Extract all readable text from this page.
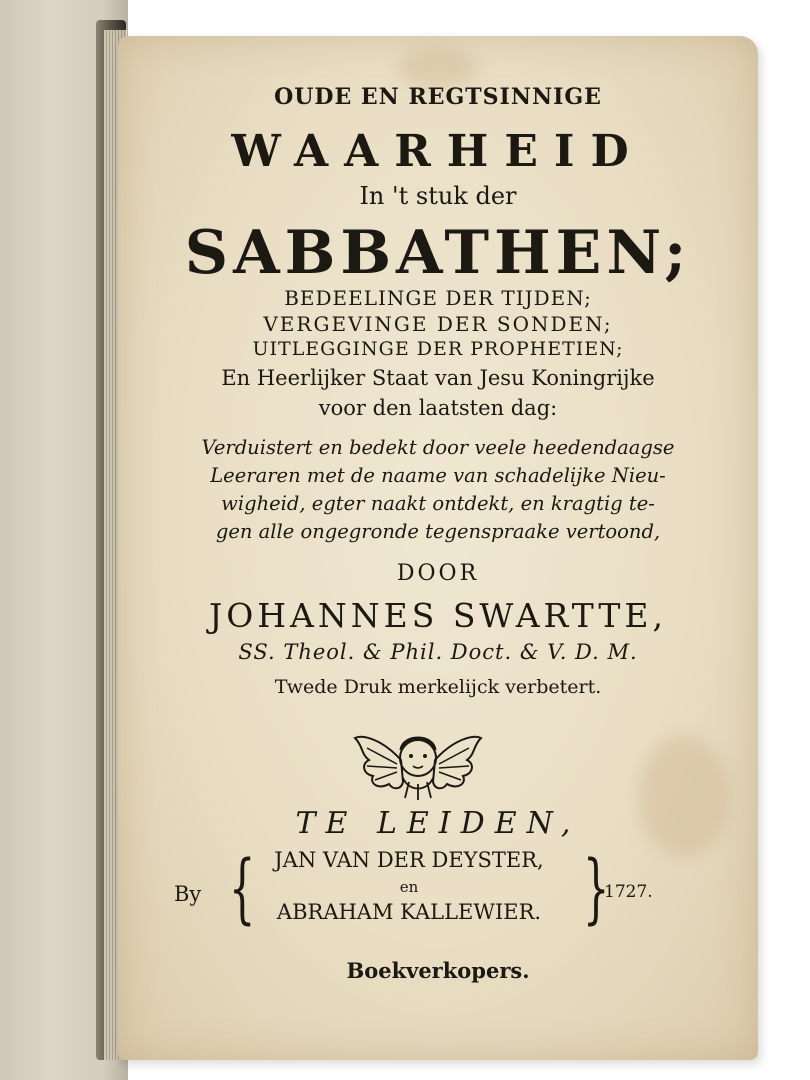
OUDE EN REGTSINNIGE
WAARHEID
In 't stuk der
SABBATHEN;
BEDEELINGE DER TIJDEN;
VERGEVINGE DER SONDEN;
UITLEGGINGE DER PROPHETIEN;
En Heerlijker Staat van Jesu Koningrijke
voor den laatsten dag:
Verduistert en bedekt door veele heedendaagse
Leeraren met de naame van schadelijke Nieu-
wigheid, egter naakt ontdekt, en kragtig te-
gen alle ongegronde tegenspraake vertoond,
DOOR
JOHANNES SWARTTE,
SS. Theol. & Phil. Doct. & V. D. M.
Twede Druk merkelijck verbetert.
TE LEIDEN,
By { JAN VAN DER DEYSTER,
en
ABRAHAM KALLEWIER. }
1727.
Boekverkopers.
